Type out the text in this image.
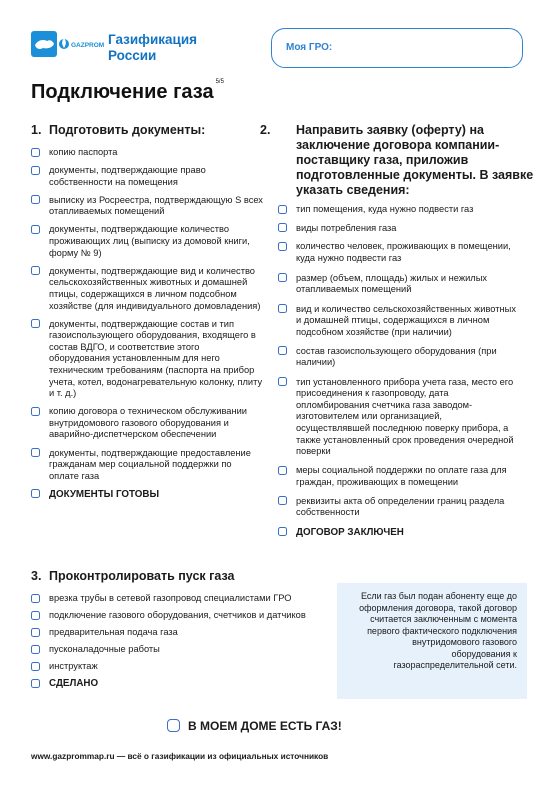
GAZPROM Газификация
России
Моя ГРО:
Подключение газа $^{5/5}$
1. Подготовить документы:
копию паспорта
документы, подтверждающие право собственности на помещения
выписку из Росреестра, подтверждающую S всех отапливаемых помещений
документы, подтверждающие количество проживающих лиц (выписку из домовой книги, форму № 9)
документы, подтверждающие вид и количество сельскохозяйственных животных и домашней птицы, содержащихся в личном подсобном хозяйстве (для индивидуального домовладения)
документы, подтверждающие состав и тип газоиспользующего оборудования, входящего в состав ВДГО, и соответствие этого оборудования установленным для него техническим требованиям (паспорта на прибор учета, котел, водонагревательную колонку, плиту и т. д.)
копию договора о техническом обслуживании внутридомового газового оборудования и аварийно-диспетчерском обеспечении
документы, подтверждающие предоставление гражданам мер социальной поддержки по оплате газа
ДОКУМЕНТЫ ГОТОВЫ
2. Направить заявку (оферту) на заключение договора компании-поставщику газа, приложив подготовленные документы. В заявке указать сведения:
тип помещения, куда нужно подвести газ
виды потребления газа
количество человек, проживающих в помещении, куда нужно подвести газ
размер (объем, площадь) жилых и нежилых отапливаемых помещений
вид и количество сельскохозяйственных животных и домашней птицы, содержащихся в личном подсобном хозяйстве (при наличии)
состав газоиспользующего оборудования (при наличии)
тип установленного прибора учета газа, место его присоединения к газопроводу, дата опломбирования счетчика газа заводом-изготовителем или организацией, осуществлявшей последнюю поверку прибора, а также установленный срок проведения очередной поверки
меры социальной поддержки по оплате газа для граждан, проживающих в помещении
реквизиты акта об определении границ раздела собственности
ДОГОВОР ЗАКЛЮЧЕН
3. Проконтролировать пуск газа
врезка трубы в сетевой газопровод специалистами ГРО
подключение газового оборудования, счетчиков и датчиков
предварительная подача газа
пусконаладочные работы
инструктаж
СДЕЛАНО
Если газ был подан абоненту еще до оформления договора, такой договор считается заключенным с момента первого фактического подключения внутридомового газового оборудования к газораспределительной сети.
В МОЕМ ДОМЕ ЕСТЬ ГАЗ!
www.gazprommap.ru — всё о газификации из официальных источников
